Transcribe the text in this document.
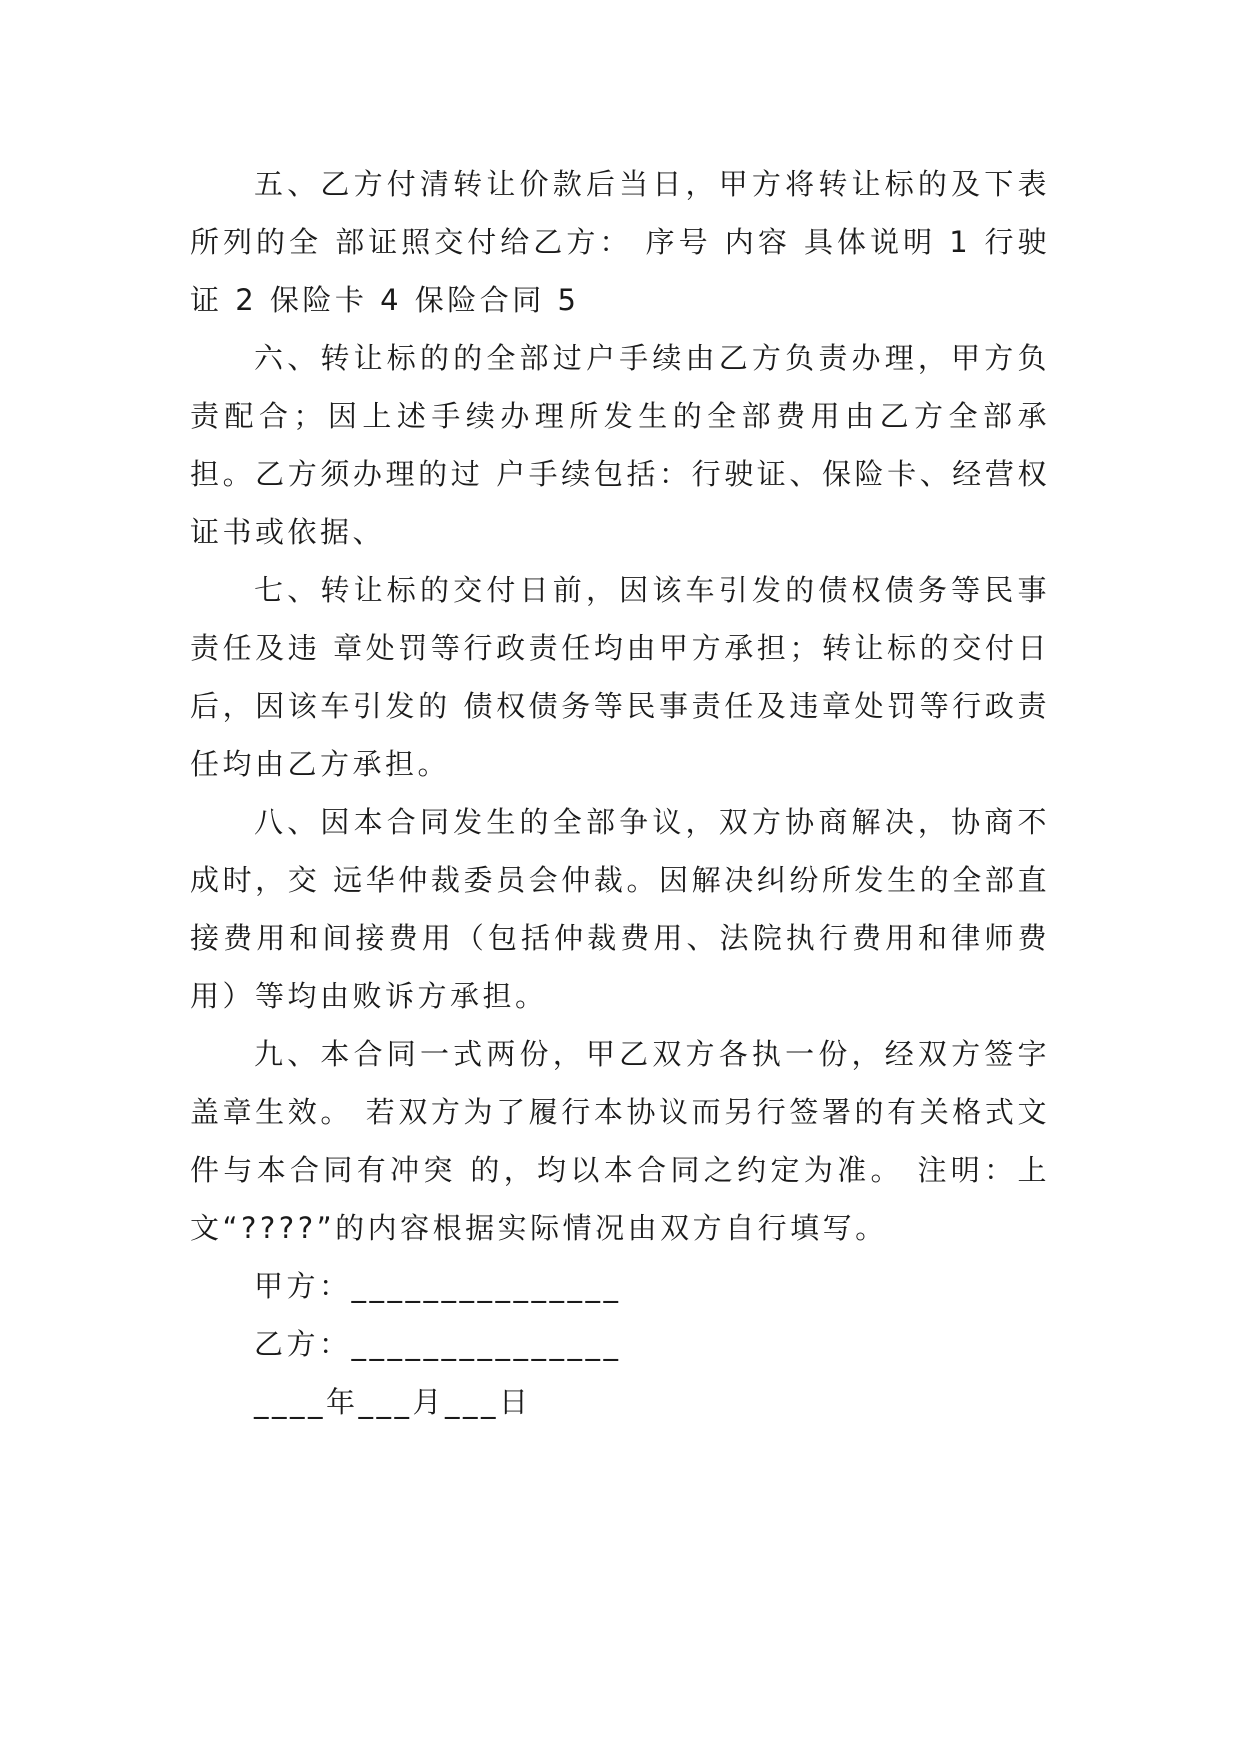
五、乙方付清转让价款后当日，甲方将转让标的及下表所列的全 部证照交付给乙方： 序号 内容 具体说明 1 行驶证 2 保险卡 4 保险合同 5

六、转让标的的全部过户手续由乙方负责办理，甲方负责配合；因上述手续办理所发生的全部费用由乙方全部承担。乙方须办理的过 户手续包括：行驶证、保险卡、经营权证书或依据、

七、转让标的交付日前，因该车引发的债权债务等民事责任及违 章处罚等行政责任均由甲方承担；转让标的交付日后，因该车引发的 债权债务等民事责任及违章处罚等行政责任均由乙方承担。

八、因本合同发生的全部争议，双方协商解决，协商不成时，交 远华仲裁委员会仲裁。因解决纠纷所发生的全部直接费用和间接费用（包括仲裁费用、法院执行费用和律师费用）等均由败诉方承担。

九、本合同一式两份，甲乙双方各执一份，经双方签字盖章生效。 若双方为了履行本协议而另行签署的有关格式文件与本合同有冲突 的，均以本合同之约定为准。 注明：上文“????”的内容根据实际情况由双方自行填写。

甲方：_______________
乙方：_______________
____年___月___日
